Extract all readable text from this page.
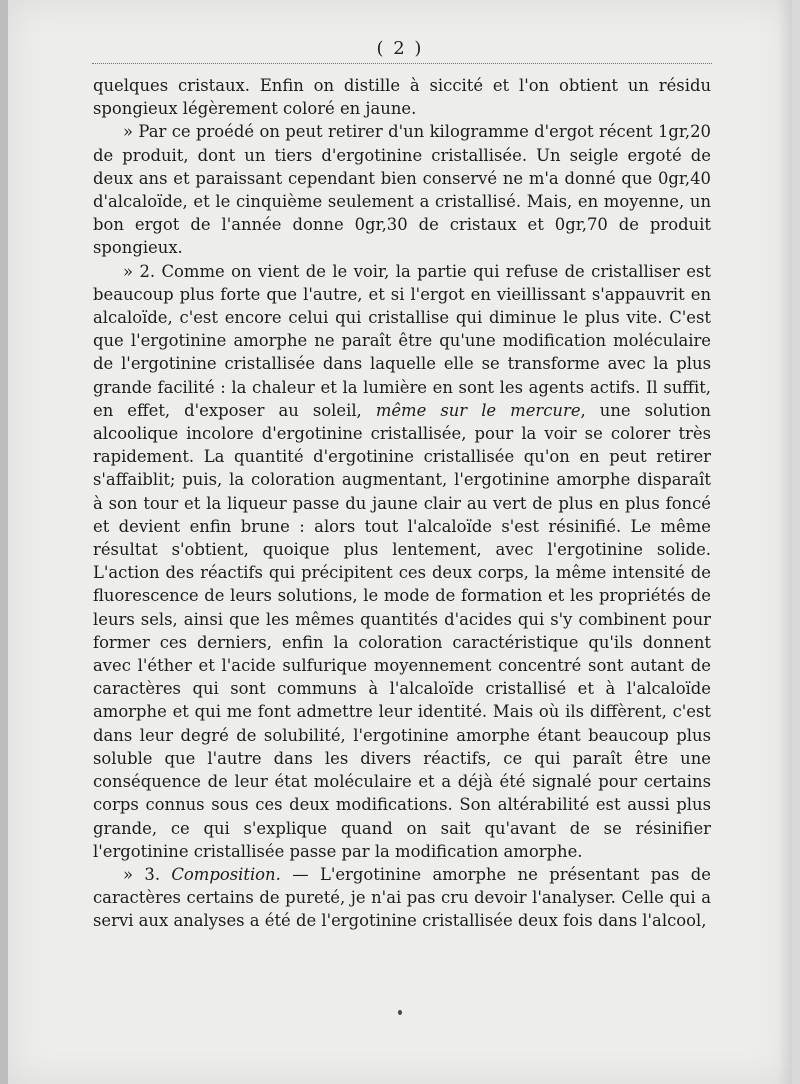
( 2 )

quelques cristaux. Enfin on distille à siccité et l'on obtient un résidu spongieux légèrement coloré en jaune.

» Par ce proédé on peut retirer d'un kilogramme d'ergot récent 1gr,20 de produit, dont un tiers d'ergotinine cristallisée. Un seigle ergoté de deux ans et paraissant cependant bien conservé ne m'a donné que 0gr,40 d'alcaloïde, et le cinquième seulement a cristallisé. Mais, en moyenne, un bon ergot de l'année donne 0gr,30 de cristaux et 0gr,70 de produit spongieux.

» 2. Comme on vient de le voir, la partie qui refuse de cristalliser est beaucoup plus forte que l'autre, et si l'ergot en vieillissant s'appauvrit en alcaloïde, c'est encore celui qui cristallise qui diminue le plus vite. C'est que l'ergotinine amorphe ne paraît être qu'une modification moléculaire de l'ergotinine cristallisée dans laquelle elle se transforme avec la plus grande facilité : la chaleur et la lumière en sont les agents actifs. Il suffit, en effet, d'exposer au soleil, même sur le mercure, une solution alcoolique incolore d'ergotinine cristallisée, pour la voir se colorer très rapidement. La quantité d'ergotinine cristallisée qu'on en peut retirer s'affaiblit; puis, la coloration augmentant, l'ergotinine amorphe disparaît à son tour et la liqueur passe du jaune clair au vert de plus en plus foncé et devient enfin brune : alors tout l'alcaloïde s'est résinifié. Le même résultat s'obtient, quoique plus lentement, avec l'ergotinine solide. L'action des réactifs qui précipitent ces deux corps, la même intensité de fluorescence de leurs solutions, le mode de formation et les propriétés de leurs sels, ainsi que les mêmes quantités d'acides qui s'y combinent pour former ces derniers, enfin la coloration caractéristique qu'ils donnent avec l'éther et l'acide sulfurique moyennement concentré sont autant de caractères qui sont communs à l'alcaloïde cristallisé et à l'alcaloïde amorphe et qui me font admettre leur identité. Mais où ils diffèrent, c'est dans leur degré de solubilité, l'ergotinine amorphe étant beaucoup plus soluble que l'autre dans les divers réactifs, ce qui paraît être une conséquence de leur état moléculaire et a déjà été signalé pour certains corps connus sous ces deux modifications. Son altérabilité est aussi plus grande, ce qui s'explique quand on sait qu'avant de se résinifier l'ergotinine cristallisée passe par la modification amorphe.

» 3. Composition. — L'ergotinine amorphe ne présentant pas de caractères certains de pureté, je n'ai pas cru devoir l'analyser. Celle qui a servi aux analyses a été de l'ergotinine cristallisée deux fois dans l'alcool,
